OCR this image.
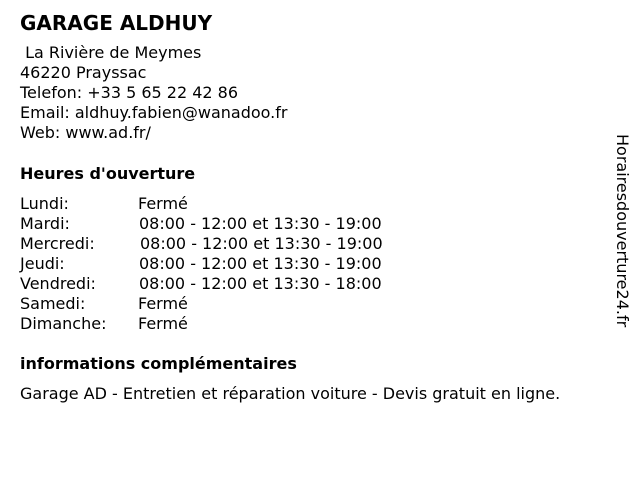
GARAGE ALDHUY
La Rivière de Meymes
46220 Prayssac
Telefon: +33 5 65 22 42 86
Email: aldhuy.fabien@wanadoo.fr
Web: www.ad.fr/
Heures d'ouverture
Lundi:	Fermé
Mardi:	08:00 - 12:00 et 13:30 - 19:00
Mercredi:	08:00 - 12:00 et 13:30 - 19:00
Jeudi:	08:00 - 12:00 et 13:30 - 19:00
Vendredi:	08:00 - 12:00 et 13:30 - 18:00
Samedi:	Fermé
Dimanche: Fermé
informations complémentaires
Garage AD - Entretien et réparation voiture - Devis gratuit en ligne.
Horairesdouverture24.fr
